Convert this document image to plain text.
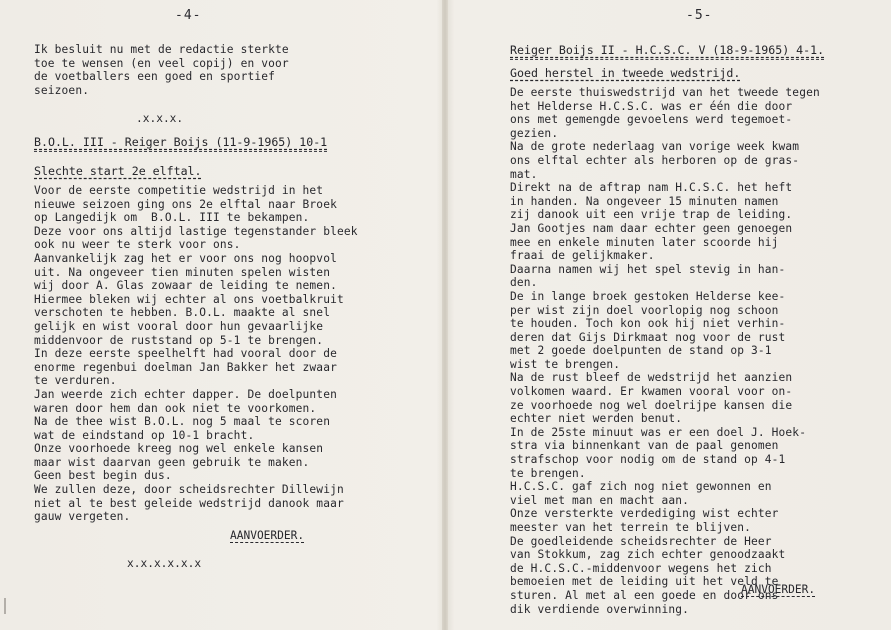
-4-
Ik besluit nu met de redactie sterkte
toe te wensen (en veel copij) en voor
de voetballers een goed en sportief
seizoen.
.x.x.x.
B.O.L. III - Reiger Boijs (11-9-1965) 10-1
Slechte start 2e elftal.
Voor de eerste competitie wedstrijd in het
nieuwe seizoen ging ons 2e elftal naar Broek
op Langedijk om  B.O.L. III te bekampen.
Deze voor ons altijd lastige tegenstander bleek
ook nu weer te sterk voor ons.
Aanvankelijk zag het er voor ons nog hoopvol
uit. Na ongeveer tien minuten spelen wisten
wij door A. Glas zowaar de leiding te nemen.
Hiermee bleken wij echter al ons voetbalkruit
verschoten te hebben. B.O.L. maakte al snel
gelijk en wist vooral door hun gevaarlijke
middenvoor de ruststand op 5-1 te brengen.
In deze eerste speelhelft had vooral door de
enorme regenbui doelman Jan Bakker het zwaar
te verduren.
Jan weerde zich echter dapper. De doelpunten
waren door hem dan ook niet te voorkomen.
Na de thee wist B.O.L. nog 5 maal te scoren
wat de eindstand op 10-1 bracht.
Onze voorhoede kreeg nog wel enkele kansen
maar wist daarvan geen gebruik te maken.
Geen best begin dus.
We zullen deze, door scheidsrechter Dillewijn
niet al te best geleide wedstrijd danook maar
gauw vergeten.
AANVOERDER.
x.x.x.x.x.x
-5-
Reiger Boijs II - H.C.S.C. V (18-9-1965) 4-1.
Goed herstel in tweede wedstrijd.
De eerste thuiswedstrijd van het tweede tegen
het Helderse H.C.S.C. was er één die door
ons met gemengde gevoelens werd tegemoet-
gezien.
Na de grote nederlaag van vorige week kwam
ons elftal echter als herboren op de gras-
mat.
Direkt na de aftrap nam H.C.S.C. het heft
in handen. Na ongeveer 15 minuten namen
zij danook uit een vrije trap de leiding.
Jan Gootjes nam daar echter geen genoegen
mee en enkele minuten later scoorde hij
fraai de gelijkmaker.
Daarna namen wij het spel stevig in han-
den.
De in lange broek gestoken Helderse kee-
per wist zijn doel voorlopig nog schoon
te houden. Toch kon ook hij niet verhin-
deren dat Gijs Dirkmaat nog voor de rust
met 2 goede doelpunten de stand op 3-1
wist te brengen.
Na de rust bleef de wedstrijd het aanzien
volkomen waard. Er kwamen vooral voor on-
ze voorhoede nog wel doelrijpe kansen die
echter niet werden benut.
In de 25ste minuut was er een doel J. Hoek-
stra via binnenkant van de paal genomen
strafschop voor nodig om de stand op 4-1
te brengen.
H.C.S.C. gaf zich nog niet gewonnen en
viel met man en macht aan.
Onze versterkte verdediging wist echter
meester van het terrein te blijven.
De goedleidende scheidsrechter de Heer
van Stokkum, zag zich echter genoodzaakt
de H.C.S.C.-middenvoor wegens het zich
bemoeien met de leiding uit het veld te
sturen. Al met al een goede en door ons
dik verdiende overwinning.
AANVOERDER.
